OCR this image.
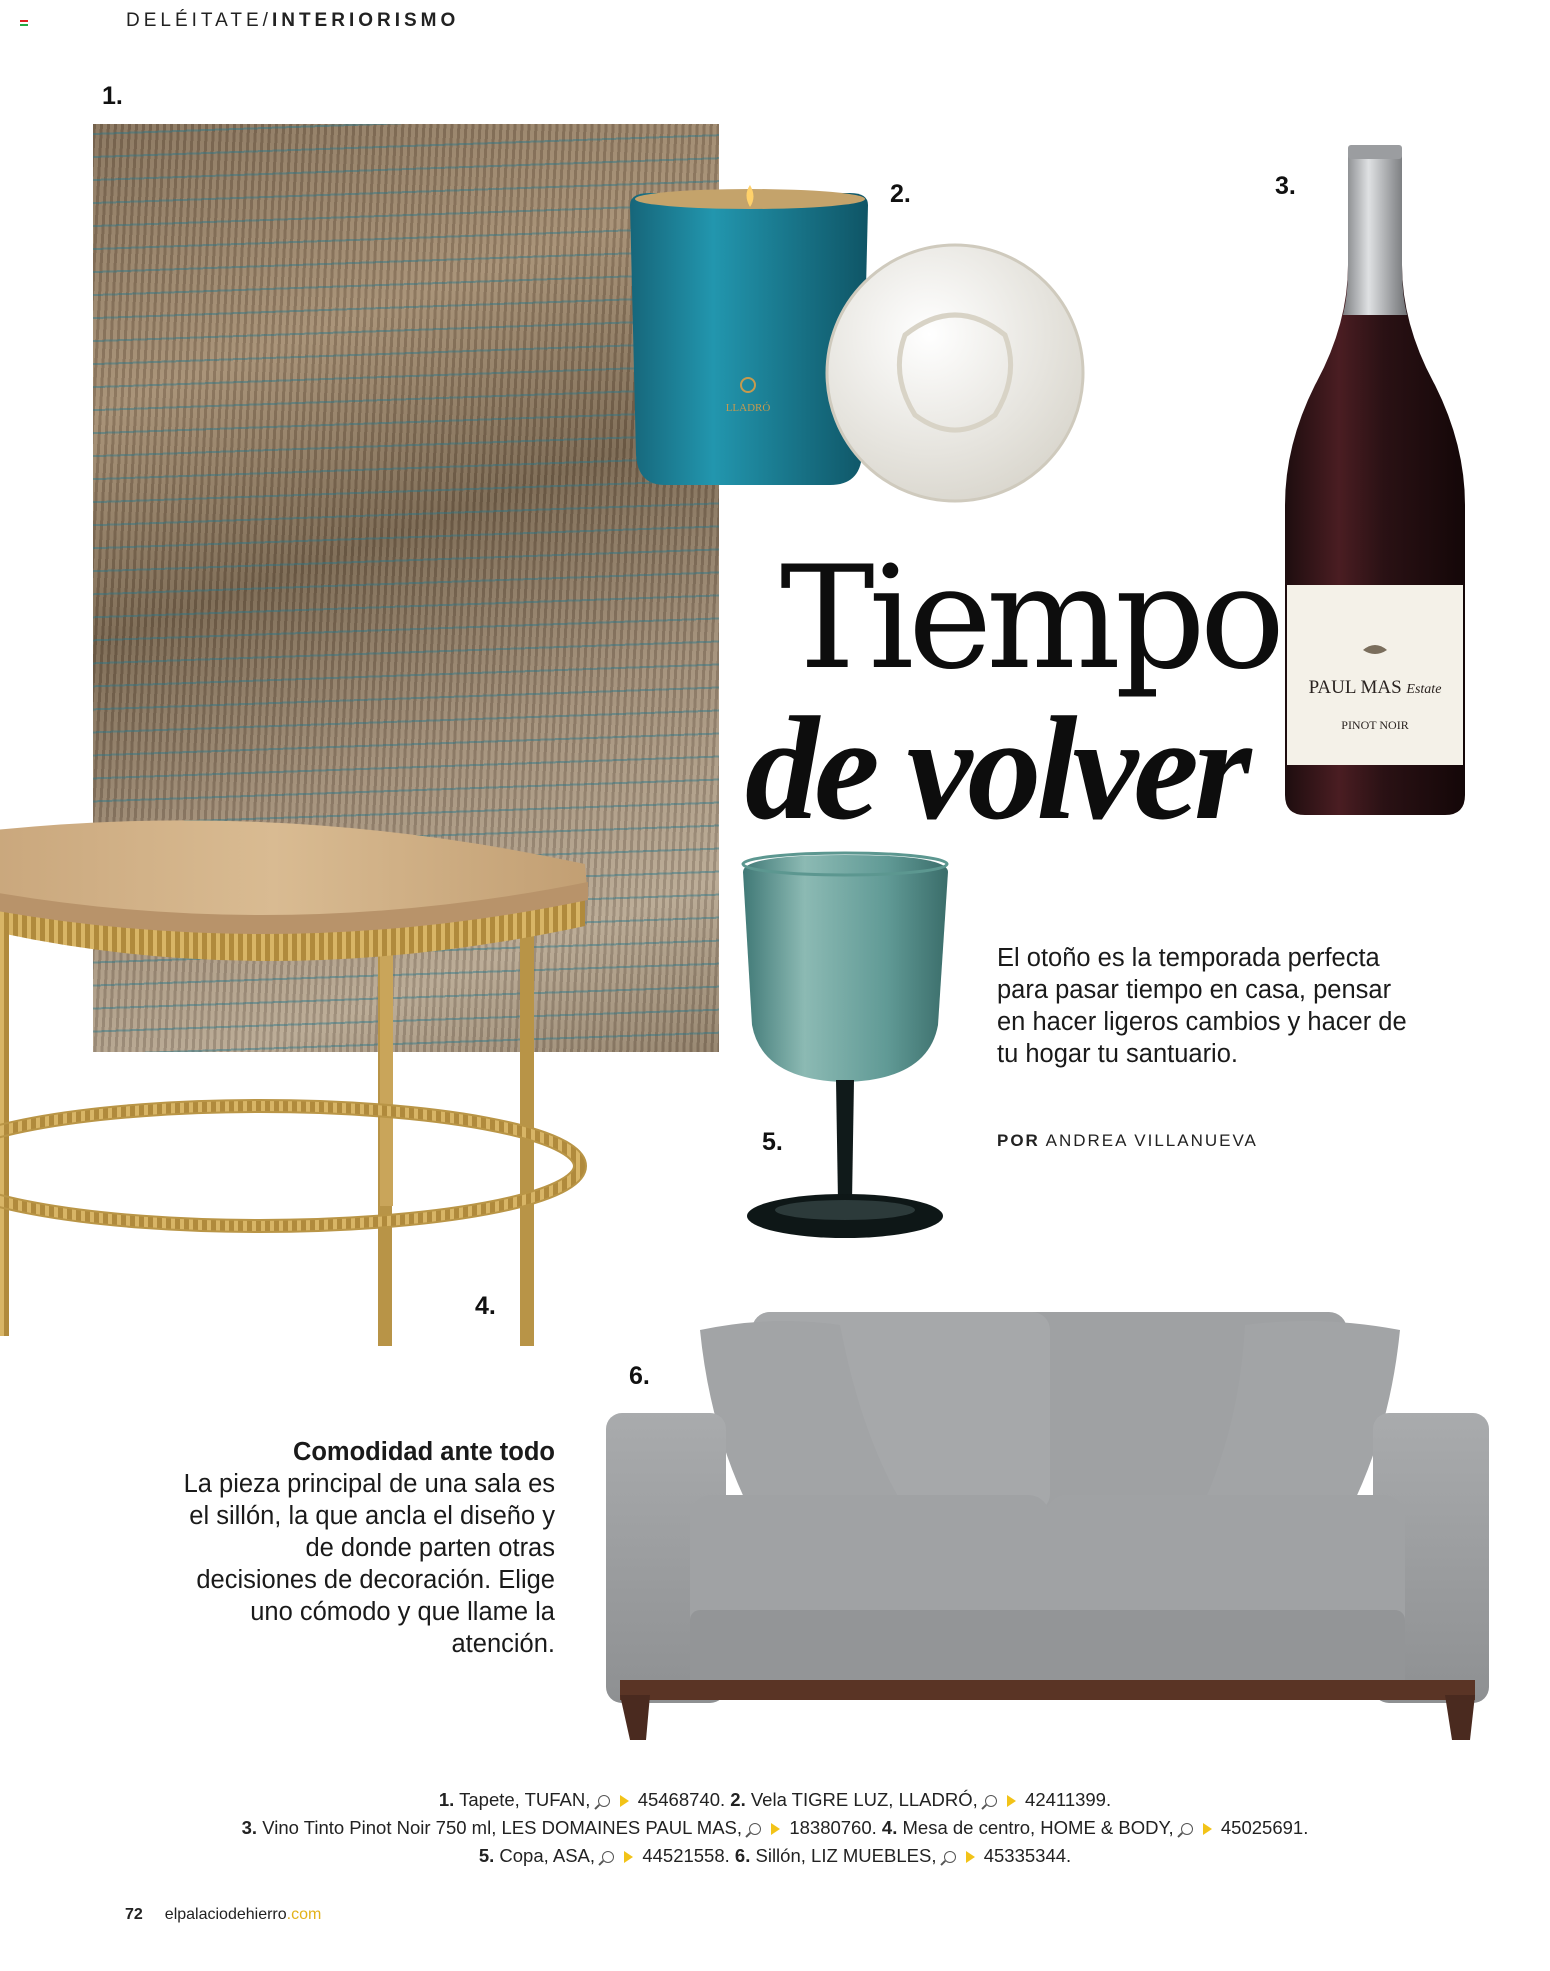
DELÉITATE/INTERIORISMO
1.
2.	3.
4.
5.
6.
LLADRÓ
PAUL MAS Estate
PINOT NOIR
Tiempo
de volver
El otoño es la temporada perfecta para pasar tiempo en casa, pensar en hacer ligeros cambios y hacer de tu hogar tu santuario.
POR ANDREA VILLANUEVA
Comodidad ante todo
La pieza principal de una sala es el sillón, la que ancla el diseño y de donde parten otras decisiones de decoración. Elige uno cómodo y que llame la atención.
1. Tapete, TUFAN,	45468740. 2. Vela TIGRE LUZ, LLADRÓ,	42411399.
3. Vino Tinto Pinot Noir 750 ml, LES DOMAINES PAUL MAS,	18380760. 4. Mesa de centro, HOME & BODY,	45025691.
5. Copa, ASA,	44521558. 6. Sillón, LIZ MUEBLES,	45335344.
72 elpalaciodehierro.com
